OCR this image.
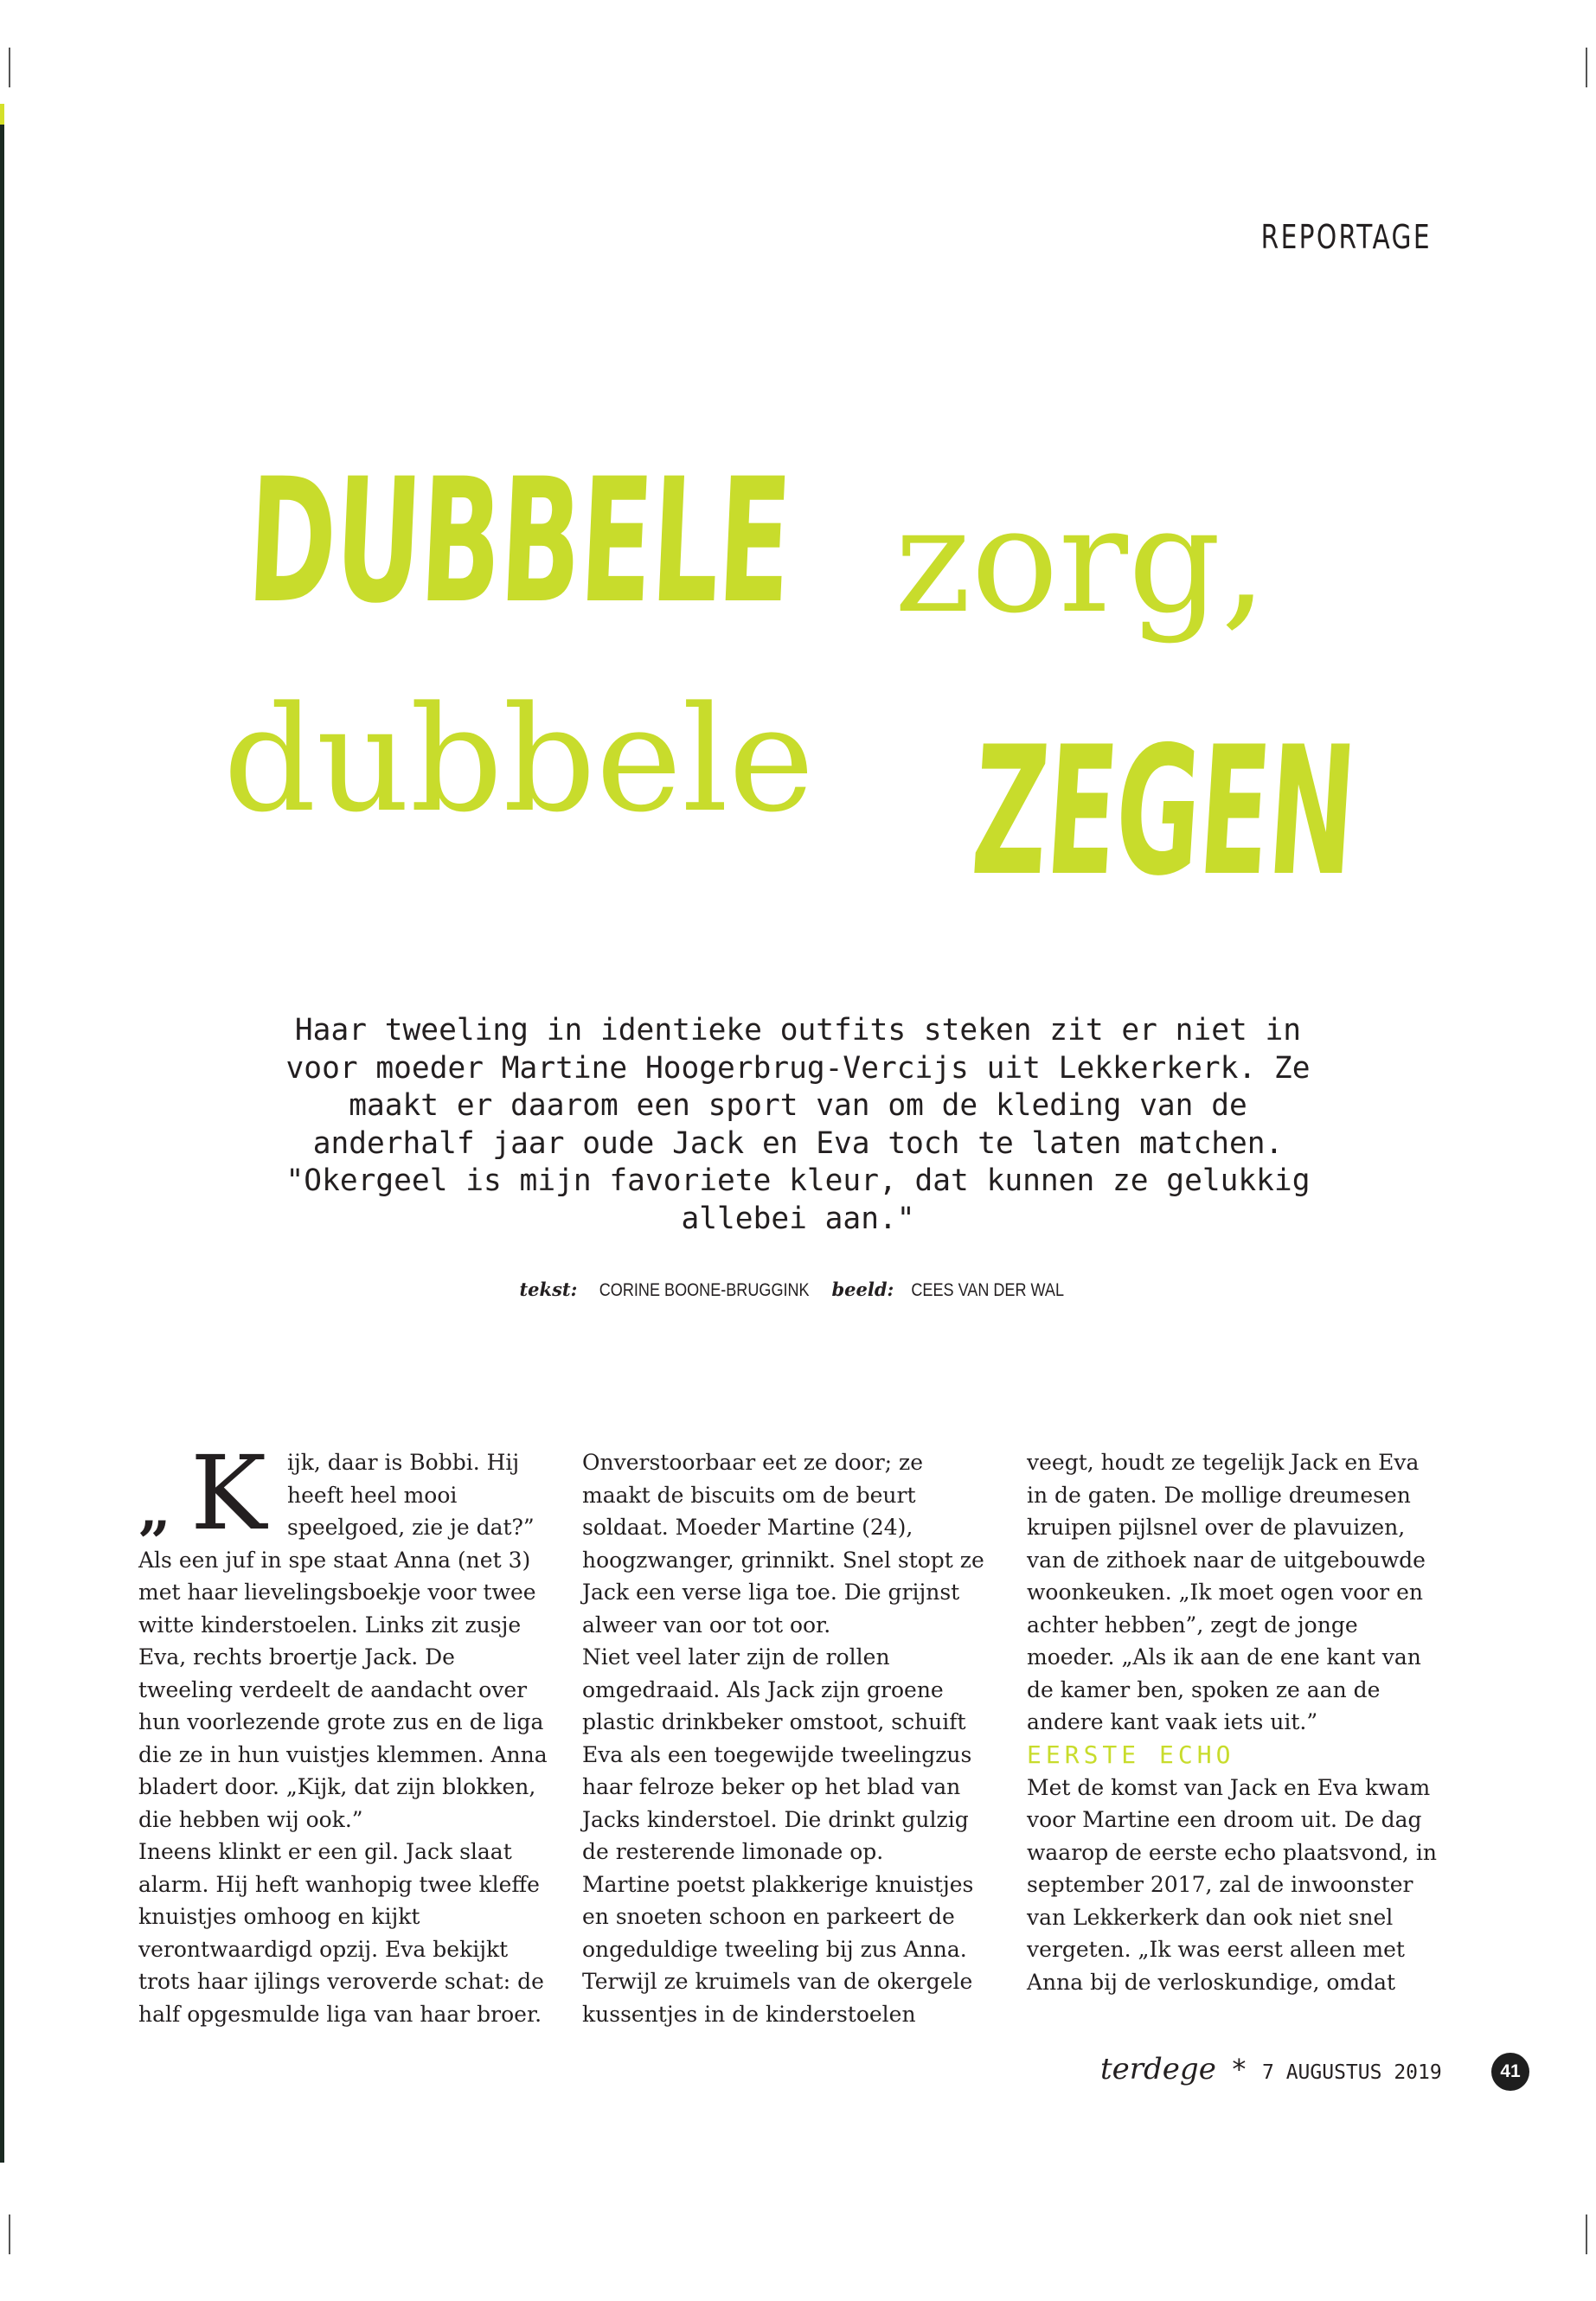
REPORTAGE
DUBBELE zorg,
dubbele ZEGEN
Haar tweeling in identieke outfits steken zit er niet in voor moeder Martine Hoogerbrug-Vercijs uit Lekkerkerk. Ze maakt er daarom een sport van om de kleding van de anderhalf jaar oude Jack en Eva toch te laten matchen. "Okergeel is mijn favoriete kleur, dat kunnen ze gelukkig allebei aan."
tekst: CORINE BOONE-BRUGGINK beeld: CEES VAN DER WAL
„ K ijk, daar is Bobbi. Hij heeft heel mooi speelgoed, zie je dat?” Als een juf in spe staat Anna (net 3) met haar lievelingsboekje voor twee witte kinderstoelen. Links zit zusje Eva, rechts broertje Jack. De tweeling verdeelt de aandacht over hun voorlezende grote zus en de liga die ze in hun vuistjes klemmen. Anna bladert door. „Kijk, dat zijn blokken, die hebben wij ook.”

Ineens klinkt er een gil. Jack slaat alarm. Hij heft wanhopig twee kleffe knuistjes omhoog en kijkt verontwaardigd opzij. Eva bekijkt trots haar ijlings veroverde schat: de half opgesmulde liga van haar broer.

Onverstoorbaar eet ze door; ze maakt de biscuits om de beurt soldaat. Moeder Martine (24), hoogzwanger, grinnikt. Snel stopt ze Jack een verse liga toe. Die grijnst alweer van oor tot oor.

Niet veel later zijn de rollen omgedraaid. Als Jack zijn groene plastic drinkbeker omstoot, schuift Eva als een toegewijde tweelingzus haar felroze beker op het blad van Jacks kinderstoel. Die drinkt gulzig de resterende limonade op.

Martine poetst plakkerige knuistjes en snoeten schoon en parkeert de ongeduldige tweeling bij zus Anna. Terwijl ze kruimels van de okergele kussentjes in de kinderstoelen

veegt, houdt ze tegelijk Jack en Eva in de gaten. De mollige dreumesen kruipen pijlsnel over de plavuizen, van de zithoek naar de uitgebouwde woonkeuken. „Ik moet ogen voor en achter hebben”, zegt de jonge moeder. „Als ik aan de ene kant van de kamer ben, spoken ze aan de andere kant vaak iets uit.”

EERSTE ECHO

Met de komst van Jack en Eva kwam voor Martine een droom uit. De dag waarop de eerste echo plaatsvond, in september 2017, zal de inwoonster van Lekkerkerk dan ook niet snel vergeten. „Ik was eerst alleen met Anna bij de verloskundige, omdat

terdege * 7 AUGUSTUS 2019	41
